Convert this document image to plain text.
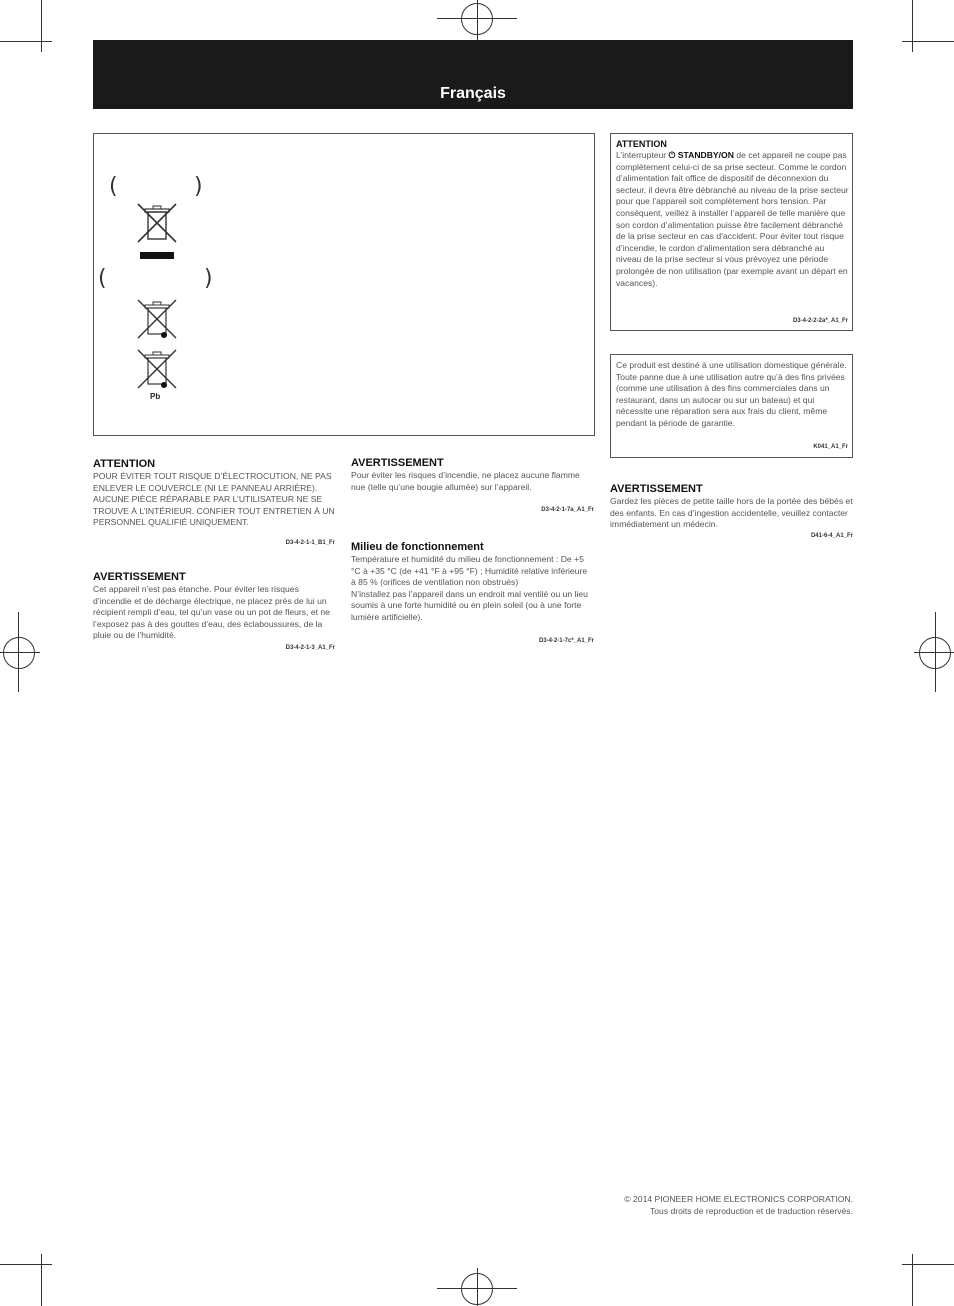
Français
(	)
(	)
Pb
ATTENTION

POUR ÉVITER TOUT RISQUE D’ÉLECTROCUTION, NE PAS ENLEVER LE COUVERCLE (NI LE PANNEAU ARRIÈRE). AUCUNE PIÈCE RÉPARABLE PAR L’UTILISATEUR NE SE TROUVE À L’INTÉRIEUR. CONFIER TOUT ENTRETIEN À UN PERSONNEL QUALIFIÉ UNIQUEMENT.

D3-4-2-1-1_B1_Fr
AVERTISSEMENT

Cet appareil n’est pas étanche. Pour éviter les risques d’incendie et de décharge électrique, ne placez près de lui un récipient rempli d’eau, tel qu’un vase ou un pot de fleurs, et ne l’exposez pas à des gouttes d’eau, des éclaboussures, de la pluie ou de l’humidité.

D3-4-2-1-3_A1_Fr
AVERTISSEMENT

Pour éviter les risques d’incendie, ne placez aucune flamme nue (telle qu’une bougie allumée) sur l’appareil.

D3-4-2-1-7a_A1_Fr
Milieu de fonctionnement

Température et humidité du milieu de fonctionnement : De +5 °C à +35 °C (de +41 °F à +95 °F) ; Humidité relative inférieure à 85 % (orifices de ventilation non obstrués)
N’installez pas l’appareil dans un endroit mal ventilé ou un lieu soumis à une forte humidité ou en plein soleil (ou à une forte lumière artificielle).

D3-4-2-1-7c*_A1_Fr
ATTENTION

L’interrupteur ⏻ STANDBY/ON de cet appareil ne coupe pas complètement celui-ci de sa prise secteur. Comme le cordon d’alimentation fait office de dispositif de déconnexion du secteur, il devra être débranché au niveau de la prise secteur pour que l’appareil soit complètement hors tension. Par conséquent, veillez à installer l’appareil de telle manière que son cordon d’alimentation puisse être facilement débranché de la prise secteur en cas d’accident. Pour éviter tout risque d’incendie, le cordon d’alimentation sera débranché au niveau de la prise secteur si vous prévoyez une période prolongée de non utilisation (par exemple avant un départ en vacances).

D3-4-2-2-2a*_A1_Fr

Ce produit est destiné à une utilisation domestique générale. Toute panne due à une utilisation autre qu’à des fins privées (comme une utilisation à des fins commerciales dans un restaurant, dans un autocar ou sur un bateau) et qui nécessite une réparation sera aux frais du client, même pendant la période de garantie.

K041_A1_Fr
AVERTISSEMENT

Gardez les pièces de petite taille hors de la portée des bébés et des enfants. En cas d’ingestion accidentelle, veuillez contacter immédiatement un médecin.

D41-6-4_A1_Fr
© 2014 PIONEER HOME ELECTRONICS CORPORATION.
Tous droits de reproduction et de traduction réservés.
